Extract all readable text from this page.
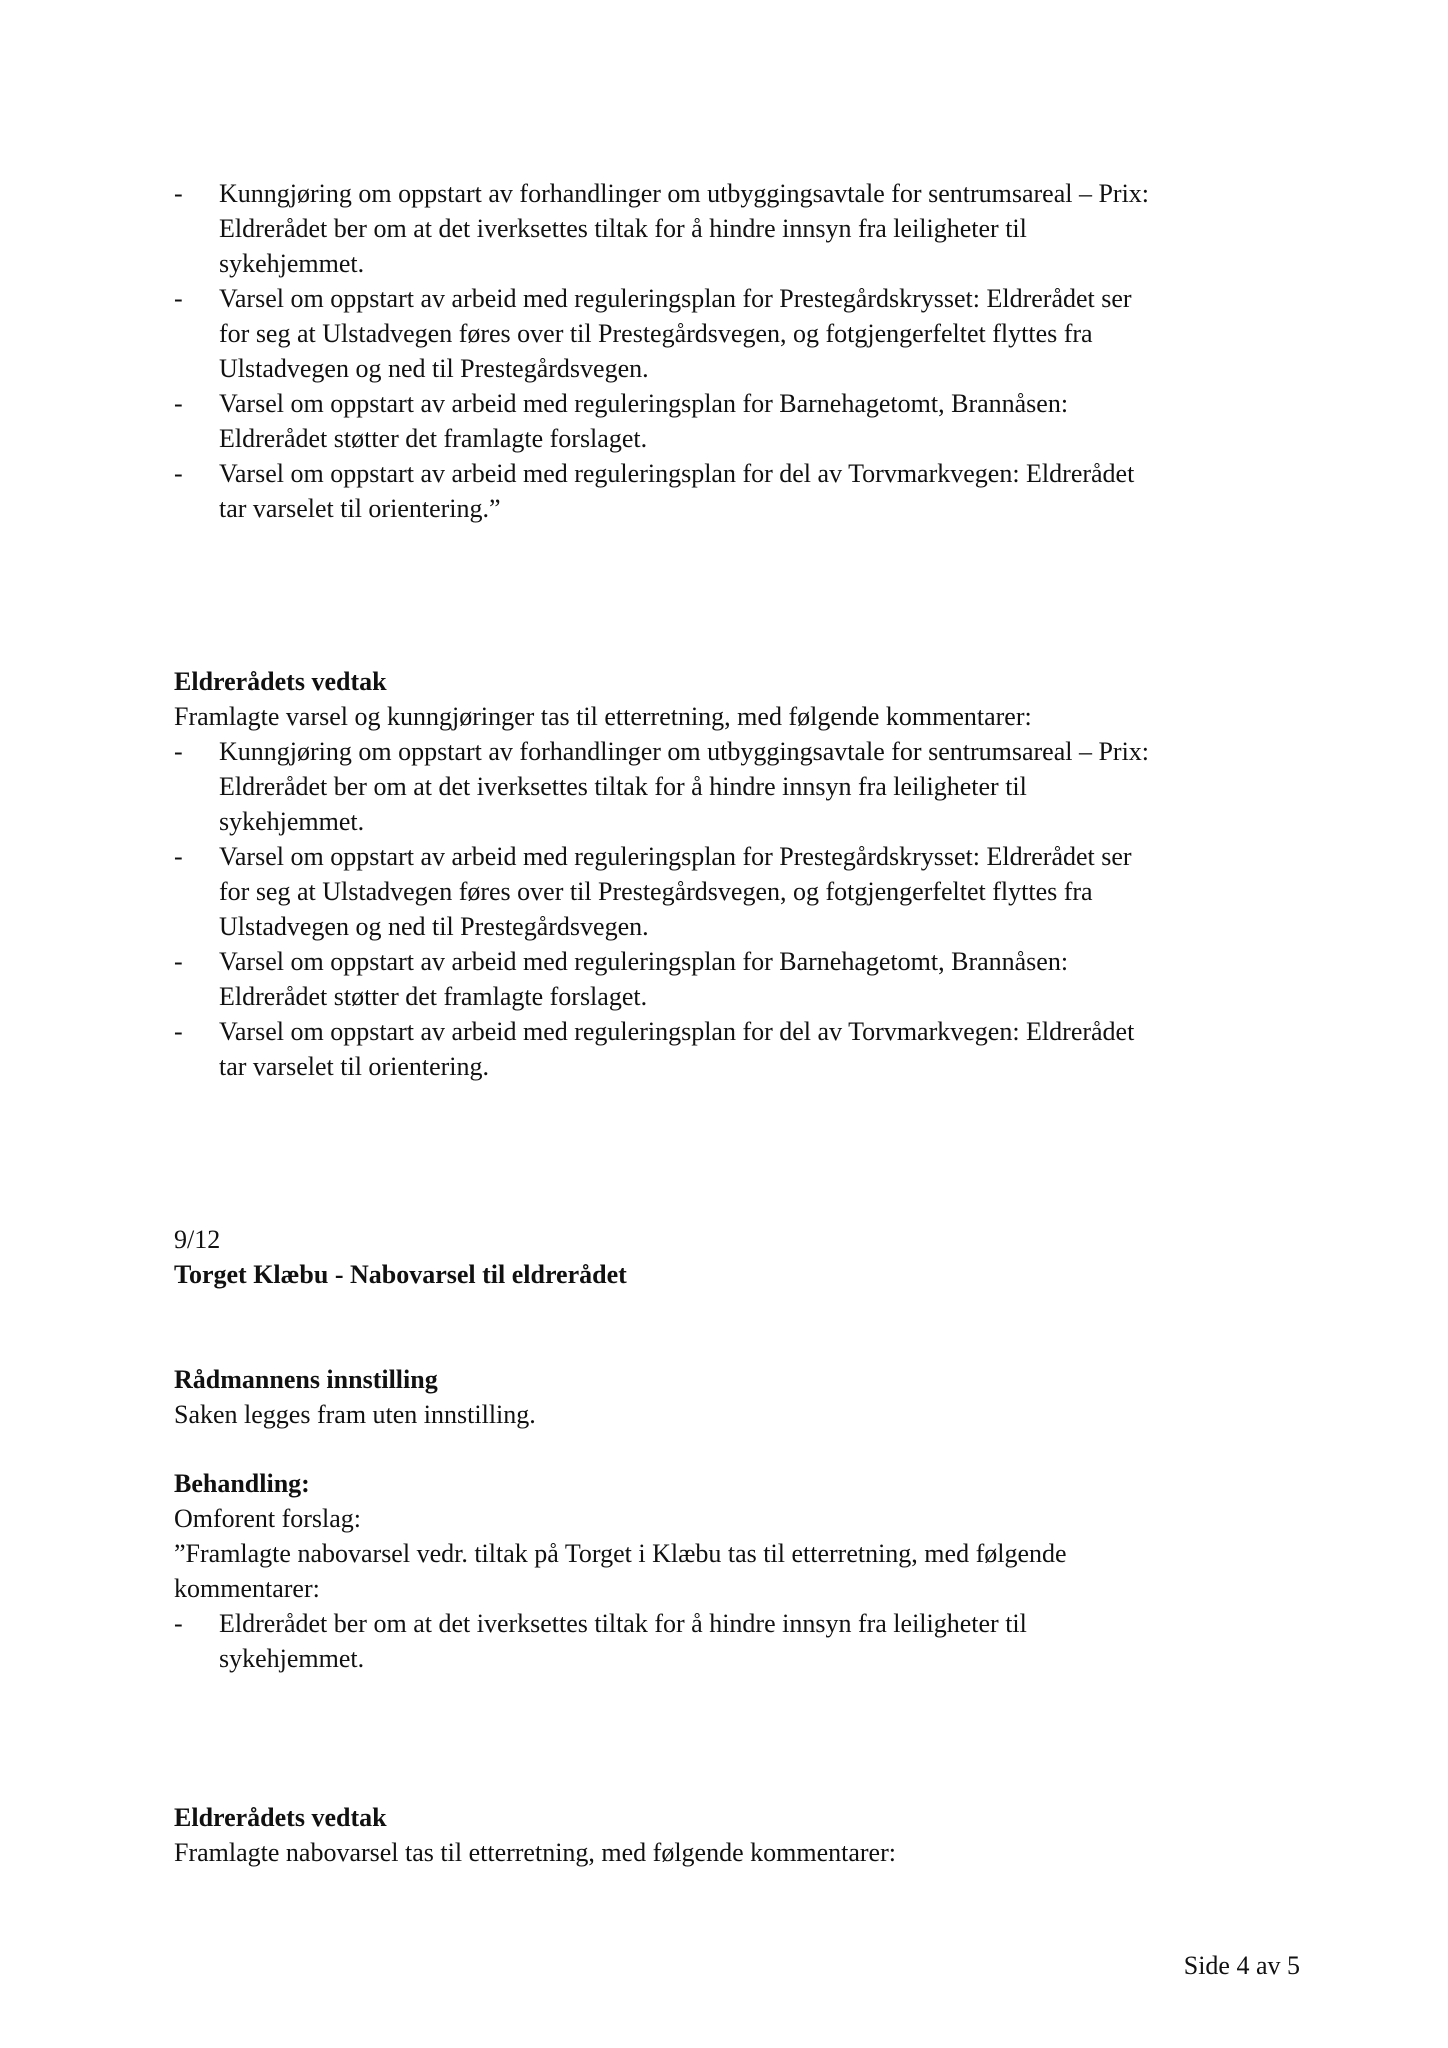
- Kunngjøring om oppstart av forhandlinger om utbyggingsavtale for sentrumsareal – Prix:
Eldrerådet ber om at det iverksettes tiltak for å hindre innsyn fra leiligheter til
sykehjemmet.
- Varsel om oppstart av arbeid med reguleringsplan for Prestegårdskrysset: Eldrerådet ser
for seg at Ulstadvegen føres over til Prestegårdsvegen, og fotgjengerfeltet flyttes fra
Ulstadvegen og ned til Prestegårdsvegen.
- Varsel om oppstart av arbeid med reguleringsplan for Barnehagetomt, Brannåsen:
Eldrerådet støtter det framlagte forslaget.
- Varsel om oppstart av arbeid med reguleringsplan for del av Torvmarkvegen: Eldrerådet
tar varselet til orientering.”
Eldrerådets vedtak
Framlagte varsel og kunngjøringer tas til etterretning, med følgende kommentarer:
- Kunngjøring om oppstart av forhandlinger om utbyggingsavtale for sentrumsareal – Prix:
Eldrerådet ber om at det iverksettes tiltak for å hindre innsyn fra leiligheter til
sykehjemmet.
- Varsel om oppstart av arbeid med reguleringsplan for Prestegårdskrysset: Eldrerådet ser
for seg at Ulstadvegen føres over til Prestegårdsvegen, og fotgjengerfeltet flyttes fra
Ulstadvegen og ned til Prestegårdsvegen.
- Varsel om oppstart av arbeid med reguleringsplan for Barnehagetomt, Brannåsen:
Eldrerådet støtter det framlagte forslaget.
- Varsel om oppstart av arbeid med reguleringsplan for del av Torvmarkvegen: Eldrerådet
tar varselet til orientering.
9/12
Torget Klæbu - Nabovarsel til eldrerådet
Rådmannens innstilling
Saken legges fram uten innstilling.
Behandling:
Omforent forslag:
”Framlagte nabovarsel vedr. tiltak på Torget i Klæbu tas til etterretning, med følgende
kommentarer:
- Eldrerådet ber om at det iverksettes tiltak for å hindre innsyn fra leiligheter til
sykehjemmet.
Eldrerådets vedtak
Framlagte nabovarsel tas til etterretning, med følgende kommentarer:
Side 4 av 5
